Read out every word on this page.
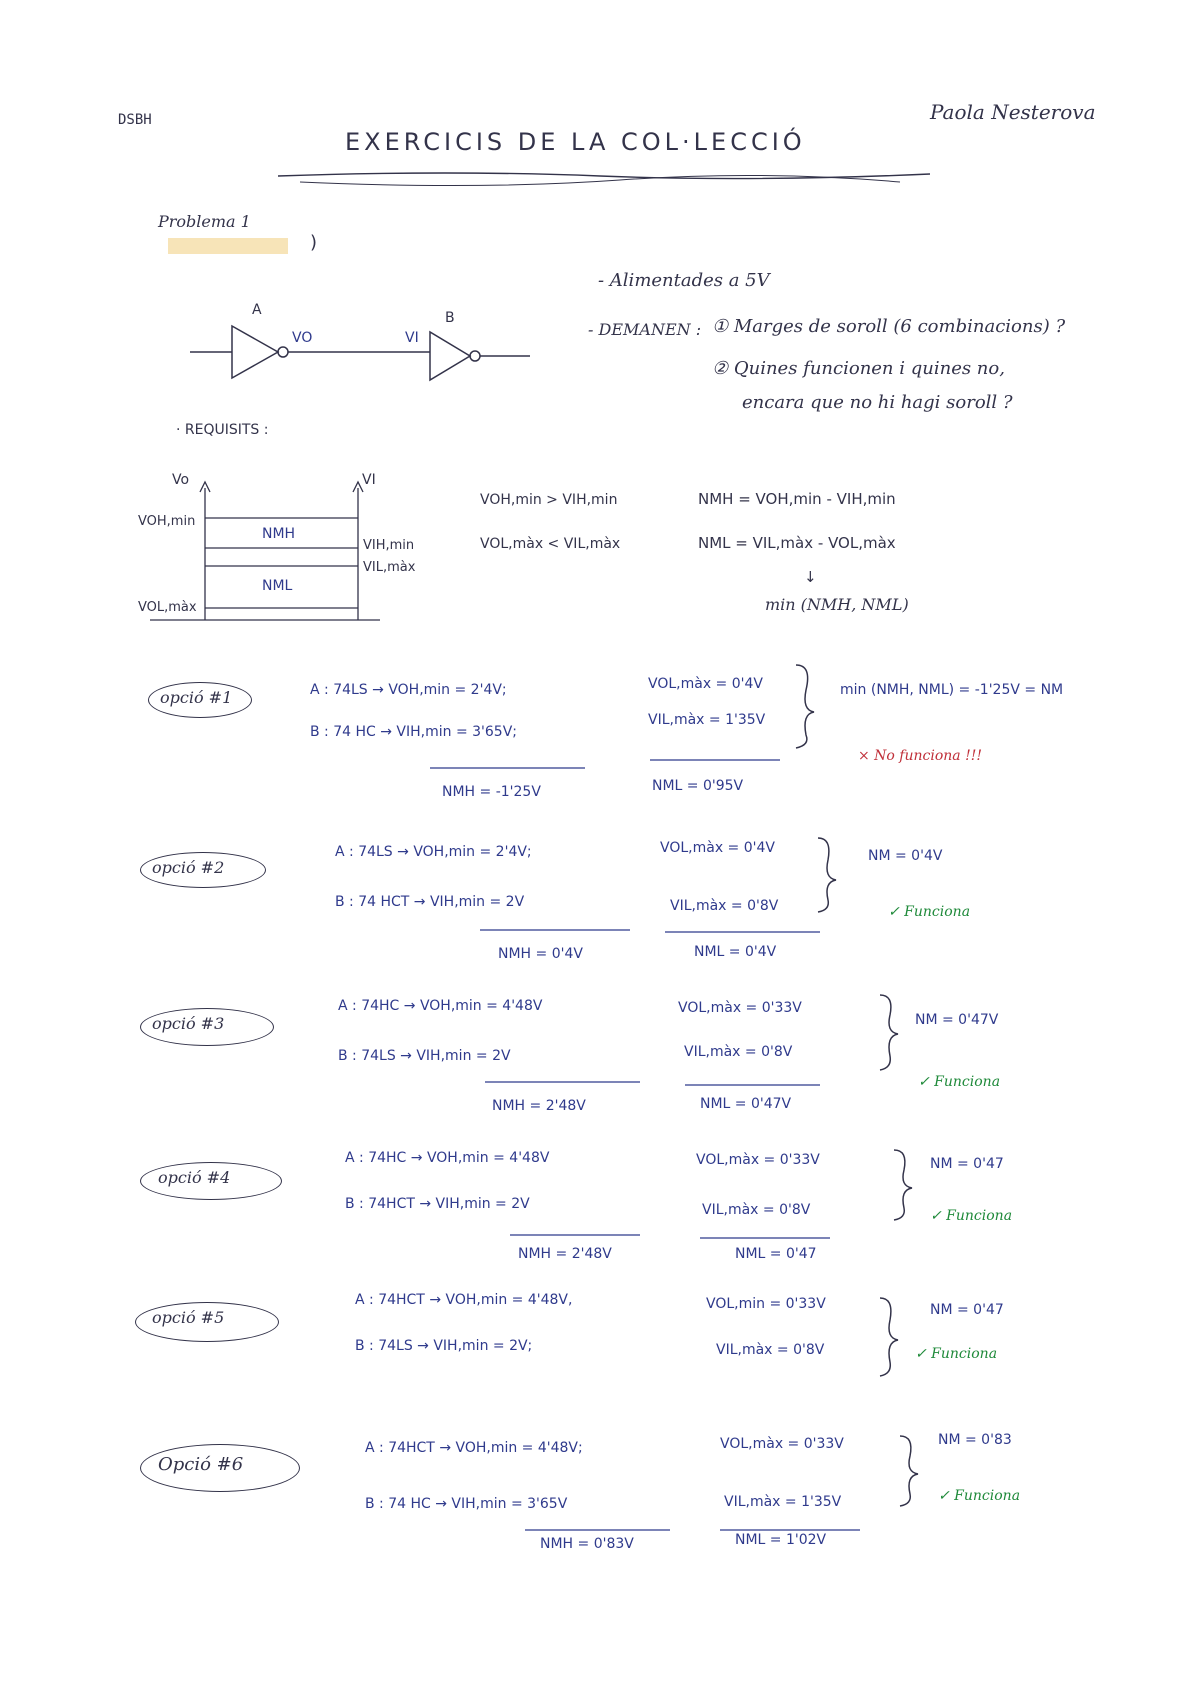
DSBH
EXERCICIS DE LA COL·LECCIÓ
Paola Nesterova
Problema 1
)
A	B
VO	VI
- Alimentades a 5V
- DEMANEN : ① Marges de soroll (6 combinacions) ?
② Quines funcionen i quines no,
encara que no hi hagi soroll ?
· REQUISITS :
Vo	VI
VOH,min
VOL,màx
VIH,min
VIL,màx
NMH
NML
VOH,min > VIH,min
VOL,màx < VIL,màx
NMH = VOH,min - VIH,min
NML = VIL,màx - VOL,màx
↓
min (NMH, NML)
opció #1	A : 74LS → VOH,min = 2'4V;
B : 74 HC → VIH,min = 3'65V;
VOL,màx = 0'4V
VIL,màx = 1'35V
NMH = -1'25V	NML = 0'95V
min (NMH, NML) = -1'25V = NM
× No funciona !!!
opció #2
A : 74LS → VOH,min = 2'4V;
B : 74 HCT → VIH,min = 2V
VOL,màx = 0'4V
VIL,màx = 0'8V
NMH = 0'4V	NML = 0'4V
NM = 0'4V
✓ Funciona
opció #3
A : 74HC → VOH,min = 4'48V
B : 74LS → VIH,min = 2V
VOL,màx = 0'33V
VIL,màx = 0'8V
NMH = 2'48V	NML = 0'47V
NM = 0'47V
✓ Funciona
opció #4
A : 74HC → VOH,min = 4'48V
B : 74HCT → VIH,min = 2V
VOL,màx = 0'33V
VIL,màx = 0'8V
NMH = 2'48V	NML = 0'47
NM = 0'47
✓ Funciona
opció #5
A : 74HCT → VOH,min = 4'48V,
B : 74LS → VIH,min = 2V;
VOL,min = 0'33V
VIL,màx = 0'8V
NM = 0'47
✓ Funciona
Opció #6
A : 74HCT → VOH,min = 4'48V;
B : 74 HC → VIH,min = 3'65V
VOL,màx = 0'33V
VIL,màx = 1'35V
NMH = 0'83V	NML = 1'02V
NM = 0'83
✓ Funciona
